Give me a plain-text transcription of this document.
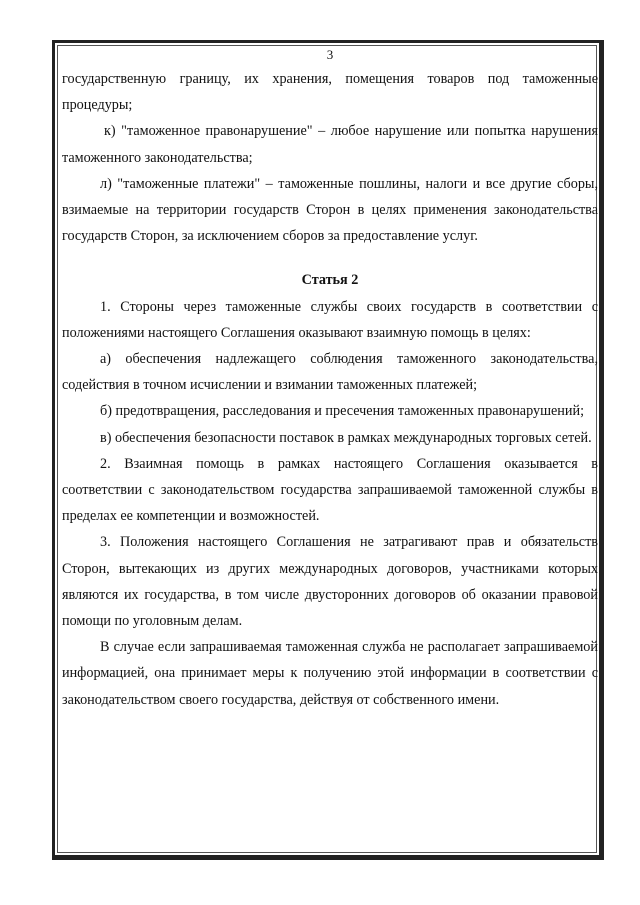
3

государственную границу, их хранения, помещения товаров под таможенные процедуры;

к) "таможенное правонарушение" – любое нарушение или попытка нарушения таможенного законодательства;

л) "таможенные платежи" – таможенные пошлины, налоги и все другие сборы, взимаемые на территории государств Сторон в целях применения законодательства государств Сторон, за исключением сборов за предоставление услуг.

Статья 2

1. Стороны через таможенные службы своих государств в соответствии с положениями настоящего Соглашения оказывают взаимную помощь в целях:

а) обеспечения надлежащего соблюдения таможенного законодательства, содействия в точном исчислении и взимании таможенных платежей;

б) предотвращения, расследования и пресечения таможенных правонарушений;

в) обеспечения безопасности поставок в рамках международных торговых сетей.

2. Взаимная помощь в рамках настоящего Соглашения оказывается в соответствии с законодательством государства запрашиваемой таможенной службы в пределах ее компетенции и возможностей.

3. Положения настоящего Соглашения не затрагивают прав и обязательств Сторон, вытекающих из других международных договоров, участниками которых являются их государства, в том числе двусторонних договоров об оказании правовой помощи по уголовным делам.

В случае если запрашиваемая таможенная служба не располагает запрашиваемой информацией, она принимает меры к получению этой информации в соответствии с законодательством своего государства, действуя от собственного имени.
